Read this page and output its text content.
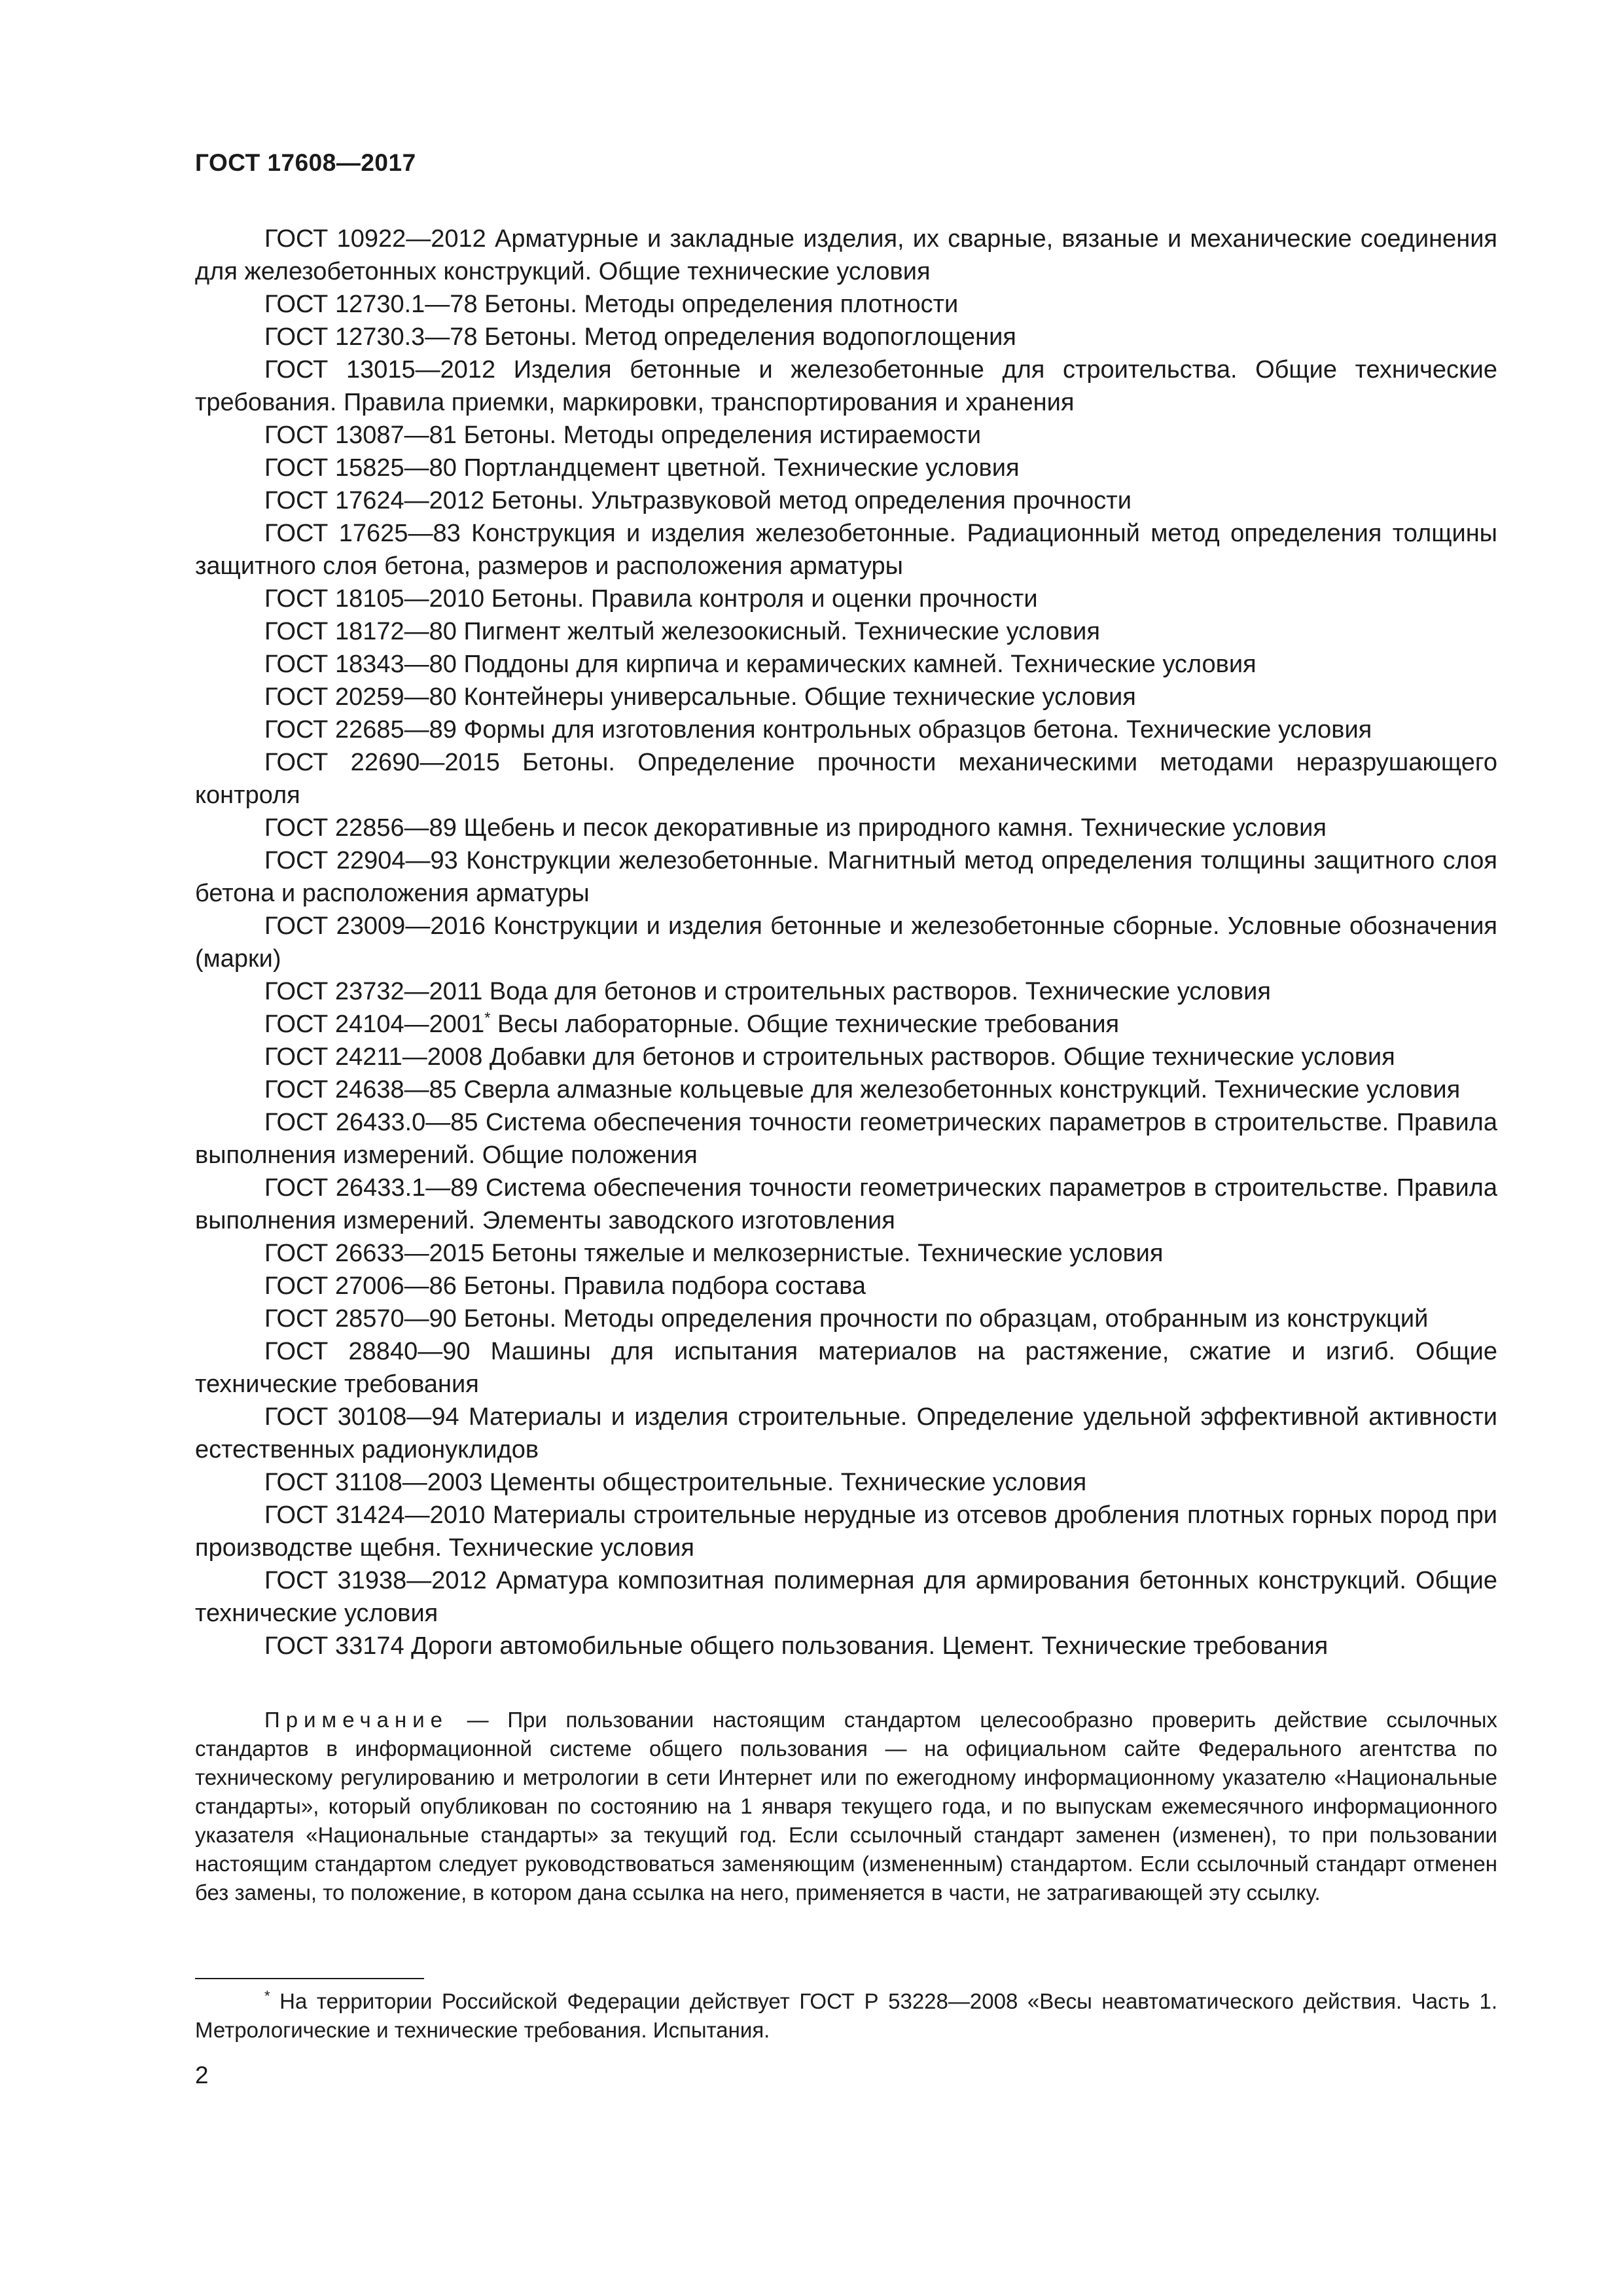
ГОСТ 17608—2017

ГОСТ 10922—2012 Арматурные и закладные изделия, их сварные, вязаные и механические соединения для железобетонных конструкций. Общие технические условия

ГОСТ 12730.1—78 Бетоны. Методы определения плотности

ГОСТ 12730.3—78 Бетоны. Метод определения водопоглощения

ГОСТ 13015—2012 Изделия бетонные и железобетонные для строительства. Общие технические требования. Правила приемки, маркировки, транспортирования и хранения

ГОСТ 13087—81 Бетоны. Методы определения истираемости

ГОСТ 15825—80 Портландцемент цветной. Технические условия

ГОСТ 17624—2012 Бетоны. Ультразвуковой метод определения прочности

ГОСТ 17625—83 Конструкция и изделия железобетонные. Радиационный метод определения толщины защитного слоя бетона, размеров и расположения арматуры

ГОСТ 18105—2010 Бетоны. Правила контроля и оценки прочности

ГОСТ 18172—80 Пигмент желтый железоокисный. Технические условия

ГОСТ 18343—80 Поддоны для кирпича и керамических камней. Технические условия

ГОСТ 20259—80 Контейнеры универсальные. Общие технические условия

ГОСТ 22685—89 Формы для изготовления контрольных образцов бетона. Технические условия

ГОСТ 22690—2015 Бетоны. Определение прочности механическими методами неразрушающего контроля

ГОСТ 22856—89 Щебень и песок декоративные из природного камня. Технические условия

ГОСТ 22904—93 Конструкции железобетонные. Магнитный метод определения толщины защитного слоя бетона и расположения арматуры

ГОСТ 23009—2016 Конструкции и изделия бетонные и железобетонные сборные. Условные обозначения (марки)

ГОСТ 23732—2011 Вода для бетонов и строительных растворов. Технические условия

ГОСТ 24104—2001* Весы лабораторные. Общие технические требования

ГОСТ 24211—2008 Добавки для бетонов и строительных растворов. Общие технические условия

ГОСТ 24638—85 Сверла алмазные кольцевые для железобетонных конструкций. Технические условия

ГОСТ 26433.0—85 Система обеспечения точности геометрических параметров в строительстве. Правила выполнения измерений. Общие положения

ГОСТ 26433.1—89 Система обеспечения точности геометрических параметров в строительстве. Правила выполнения измерений. Элементы заводского изготовления

ГОСТ 26633—2015 Бетоны тяжелые и мелкозернистые. Технические условия

ГОСТ 27006—86 Бетоны. Правила подбора состава

ГОСТ 28570—90 Бетоны. Методы определения прочности по образцам, отобранным из конструкций

ГОСТ 28840—90 Машины для испытания материалов на растяжение, сжатие и изгиб. Общие технические требования

ГОСТ 30108—94 Материалы и изделия строительные. Определение удельной эффективной активности естественных радионуклидов

ГОСТ 31108—2003 Цементы общестроительные. Технические условия

ГОСТ 31424—2010 Материалы строительные нерудные из отсевов дробления плотных горных пород при производстве щебня. Технические условия

ГОСТ 31938—2012 Арматура композитная полимерная для армирования бетонных конструкций. Общие технические условия

ГОСТ 33174 Дороги автомобильные общего пользования. Цемент. Технические требования

Примечание — При пользовании настоящим стандартом целесообразно проверить действие ссылочных стандартов в информационной системе общего пользования — на официальном сайте Федерального агентства по техническому регулированию и метрологии в сети Интернет или по ежегодному информационному указателю «Национальные стандарты», который опубликован по состоянию на 1 января текущего года, и по выпускам ежемесячного информационного указателя «Национальные стандарты» за текущий год. Если ссылочный стандарт заменен (изменен), то при пользовании настоящим стандартом следует руководствоваться заменяющим (измененным) стандартом. Если ссылочный стандарт отменен без замены, то положение, в котором дана ссылка на него, применяется в части, не затрагивающей эту ссылку.

* На территории Российской Федерации действует ГОСТ Р 53228—2008 «Весы неавтоматического действия. Часть 1. Метрологические и технические требования. Испытания.

2
